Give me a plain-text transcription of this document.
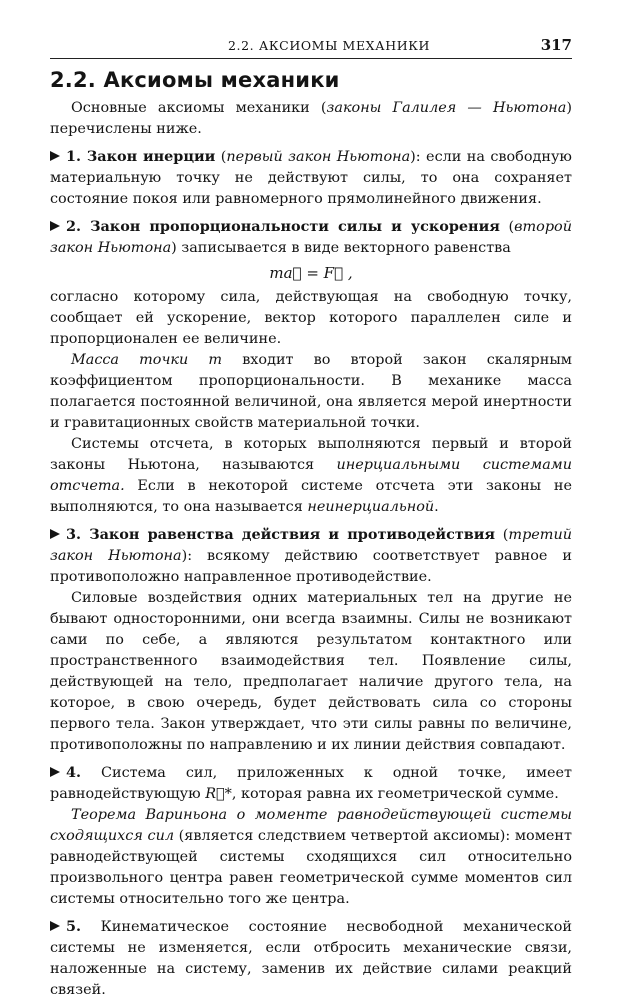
2.2. АКСИОМЫ МЕХАНИКИ	317
2.2. Аксиомы механики

Основные аксиомы механики (законы Галилея — Ньютона) перечислены ниже.

1. Закон инерции (первый закон Ньютона): если на свободную материальную точку не действуют силы, то она сохраняет состояние покоя или равномерного прямолинейного движения.

2. Закон пропорциональности силы и ускорения (второй закон Ньютона) записывается в виде векторного равенства

ma⃗ = F⃗ ,

согласно которому сила, действующая на свободную точку, сообщает ей ускорение, вектор которого параллелен силе и пропорционален ее величине.

Масса точки m входит во второй закон скалярным коэффициентом пропорциональности. В механике масса полагается постоянной величиной, она является мерой инертности и гравитационных свойств материальной точки.

Системы отсчета, в которых выполняются первый и второй законы Ньютона, называются инерциальными системами отсчета. Если в некоторой системе отсчета эти законы не выполняются, то она называется неинерциальной.

3. Закон равенства действия и противодействия (третий закон Ньютона): всякому действию соответствует равное и противоположно направленное противодействие.

Силовые воздействия одних материальных тел на другие не бывают односторонними, они всегда взаимны. Силы не возникают сами по себе, а являются результатом контактного или пространственного взаимодействия тел. Появление силы, действующей на тело, предполагает наличие другого тела, на которое, в свою очередь, будет действовать сила со стороны первого тела. Закон утверждает, что эти силы равны по величине, противоположны по направлению и их линии действия совпадают.

4. Система сил, приложенных к одной точке, имеет равнодействующую R⃗*, которая равна их геометрической сумме.

Теорема Вариньона о моменте равнодействующей системы сходящихся сил (является следствием четвертой аксиомы): момент равнодействующей системы сходящихся сил относительно произвольного центра равен геометрической сумме моментов сил системы относительно того же центра.

5. Кинематическое состояние несвободной механической системы не изменяется, если отбросить механические связи, наложенные на систему, заменив их действие силами реакций связей.
